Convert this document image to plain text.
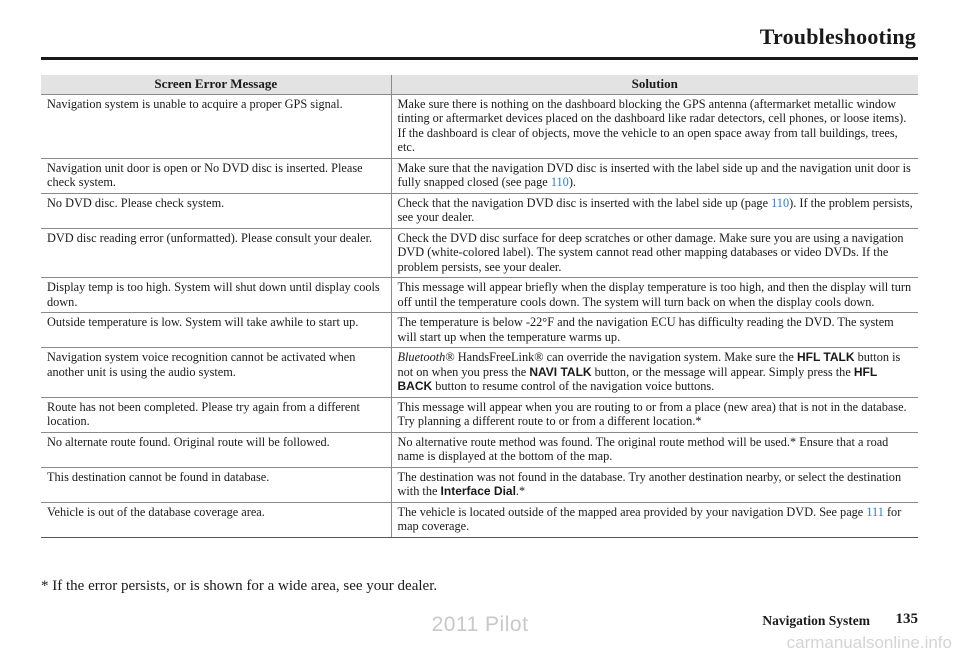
Troubleshooting
Screen Error Message	Solution
Navigation system is unable to acquire a proper GPS signal.	Make sure there is nothing on the dashboard blocking the GPS antenna (aftermarket metallic window tinting or aftermarket devices placed on the dashboard like radar detectors, cell phones, or loose items). If the dashboard is clear of objects, move the vehicle to an open space away from tall buildings, trees, etc.
Navigation unit door is open or No DVD disc is inserted. Please check system.	Make sure that the navigation DVD disc is inserted with the label side up and the navigation unit door is fully snapped closed (see page 110).
No DVD disc. Please check system.	Check that the navigation DVD disc is inserted with the label side up (page 110). If the problem persists, see your dealer.
DVD disc reading error (unformatted). Please consult your dealer.	Check the DVD disc surface for deep scratches or other damage. Make sure you are using a navigation DVD (white-colored label). The system cannot read other mapping databases or video DVDs. If the problem persists, see your dealer.
Display temp is too high. System will shut down until display cools down.	This message will appear briefly when the display temperature is too high, and then the display will turn off until the temperature cools down. The system will turn back on when the display cools down.
Outside temperature is low. System will take awhile to start up.	The temperature is below -22°F and the navigation ECU has difficulty reading the DVD. The system will start up when the temperature warms up.
Navigation system voice recognition cannot be activated when another unit is using the audio system.	Bluetooth® HandsFreeLink® can override the navigation system. Make sure the HFL TALK button is not on when you press the NAVI TALK button, or the message will appear. Simply press the HFL BACK button to resume control of the navigation voice buttons.
Route has not been completed. Please try again from a different location.	This message will appear when you are routing to or from a place (new area) that is not in the database. Try planning a different route to or from a different location.*
No alternate route found. Original route will be followed.	No alternative route method was found. The original route method will be used.* Ensure that a road name is displayed at the bottom of the map.
This destination cannot be found in database.	The destination was not found in the database. Try another destination nearby, or select the destination with the Interface Dial.*
Vehicle is out of the database coverage area.	The vehicle is located outside of the mapped area provided by your navigation DVD. See page 111 for map coverage.
* If the error persists, or is shown for a wide area, see your dealer.
Navigation System	135
2011 Pilot
carmanualsonline.info
